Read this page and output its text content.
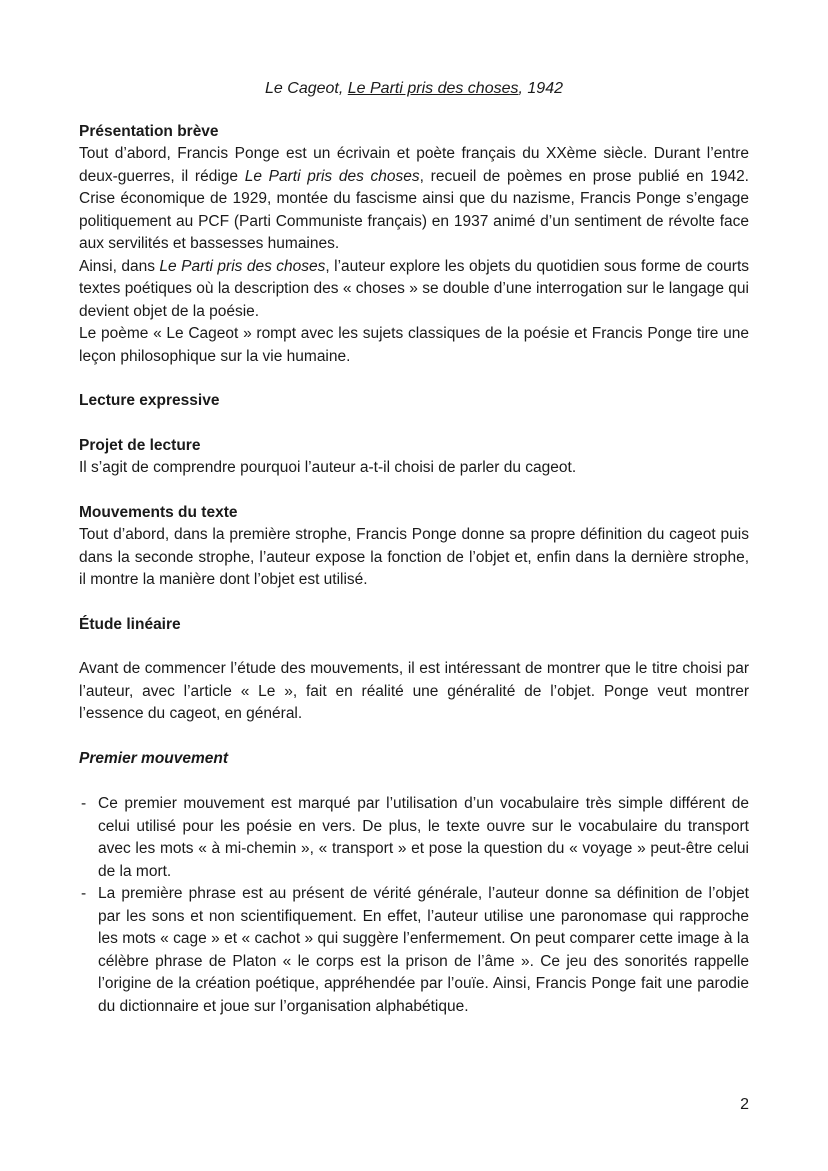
Le Cageot, Le Parti pris des choses, 1942
Présentation brève

Tout d’abord, Francis Ponge est un écrivain et poète français du XXème siècle. Durant l’entre deux-guerres, il rédige Le Parti pris des choses, recueil de poèmes en prose publié en 1942. Crise économique de 1929, montée du fascisme ainsi que du nazisme, Francis Ponge s’engage politiquement au PCF (Parti Communiste français) en 1937 animé d’un sentiment de révolte face aux servilités et bassesses humaines.

Ainsi, dans Le Parti pris des choses, l’auteur explore les objets du quotidien sous forme de courts textes poétiques où la description des « choses » se double d’une interrogation sur le langage qui devient objet de la poésie.

Le poème « Le Cageot » rompt avec les sujets classiques de la poésie et Francis Ponge tire une leçon philosophique sur la vie humaine.

Lecture expressive
Projet de lecture

Il s’agit de comprendre pourquoi l’auteur a-t-il choisi de parler du cageot.

Mouvements du texte

Tout d’abord, dans la première strophe, Francis Ponge donne sa propre définition du cageot puis dans la seconde strophe, l’auteur expose la fonction de l’objet et, enfin dans la dernière strophe, il montre la manière dont l’objet est utilisé.

Étude linéaire

Avant de commencer l’étude des mouvements, il est intéressant de montrer que le titre choisi par l’auteur, avec l’article « Le », fait en réalité une généralité de l’objet. Ponge veut montrer l’essence du cageot, en général.

Premier mouvement
- Ce premier mouvement est marqué par l’utilisation d’un vocabulaire très simple différent de celui utilisé pour les poésie en vers. De plus, le texte ouvre sur le vocabulaire du transport avec les mots « à mi-chemin », « transport » et pose la question du « voyage » peut-être celui de la mort.
- La première phrase est au présent de vérité générale, l’auteur donne sa définition de l’objet par les sons et non scientifiquement. En effet, l’auteur utilise une paronomase qui rapproche les mots « cage » et « cachot » qui suggère l’enfermement. On peut comparer cette image à la célèbre phrase de Platon « le corps est la prison de l’âme ». Ce jeu des sonorités rappelle l’origine de la création poétique, appréhendée par l’ouïe. Ainsi, Francis Ponge fait une parodie du dictionnaire et joue sur l’organisation alphabétique.
2
